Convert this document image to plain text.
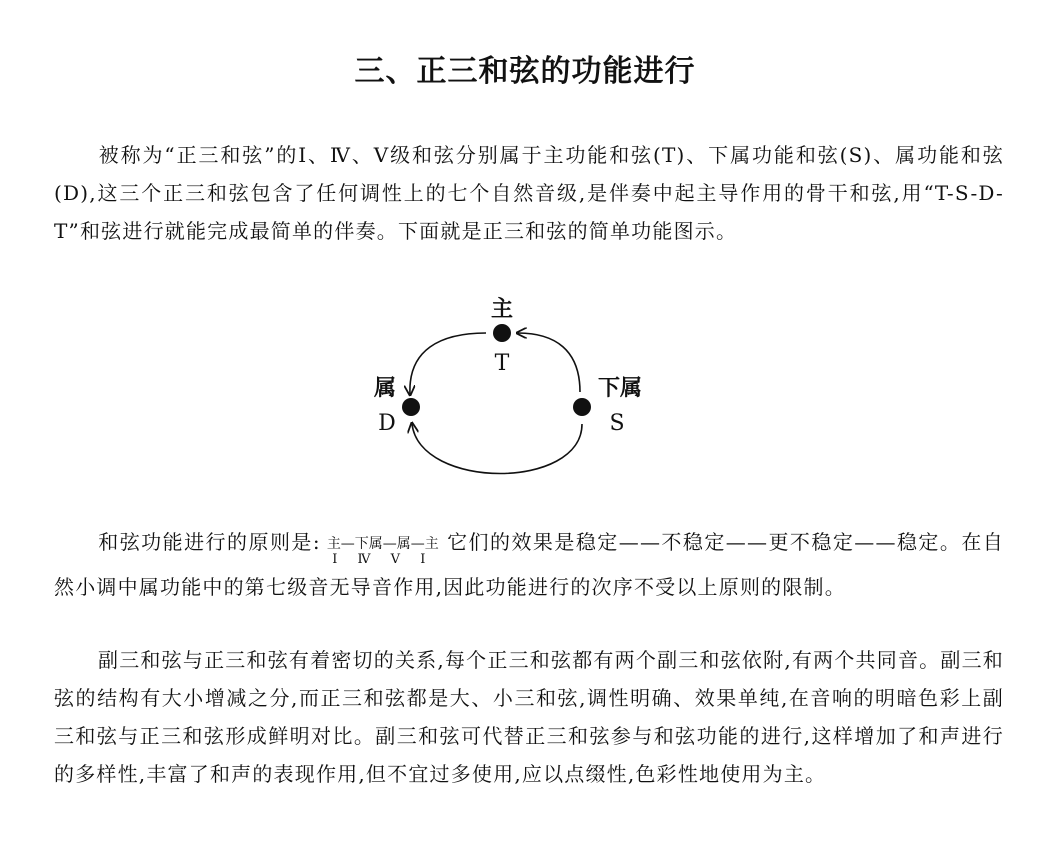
三、正三和弦的功能进行

被称为“正三和弦”的Ⅰ、Ⅳ、Ⅴ级和弦分别属于主功能和弦(T)、下属功能和弦(S)、属功能和弦(D),这三个正三和弦包含了任何调性上的七个自然音级,是伴奏中起主导作用的骨干和弦,用“T-S-D-T”和弦进行就能完成最简单的伴奏。下面就是正三和弦的简单功能图示。

主
T
属
D
下属
S

和弦功能进行的原则是: 主—下属—属—主
Ⅰ Ⅳ Ⅴ Ⅰ
它们的效果是稳定——不稳定——更不稳定——稳定。在自然小调中属功能中的第七级音无导音作用,因此功能进行的次序不受以上原则的限制。

副三和弦与正三和弦有着密切的关系,每个正三和弦都有两个副三和弦依附,有两个共同音。副三和弦的结构有大小增减之分,而正三和弦都是大、小三和弦,调性明确、效果单纯,在音响的明暗色彩上副三和弦与正三和弦形成鲜明对比。副三和弦可代替正三和弦参与和弦功能的进行,这样增加了和声进行的多样性,丰富了和声的表现作用,但不宜过多使用,应以点缀性,色彩性地使用为主。
